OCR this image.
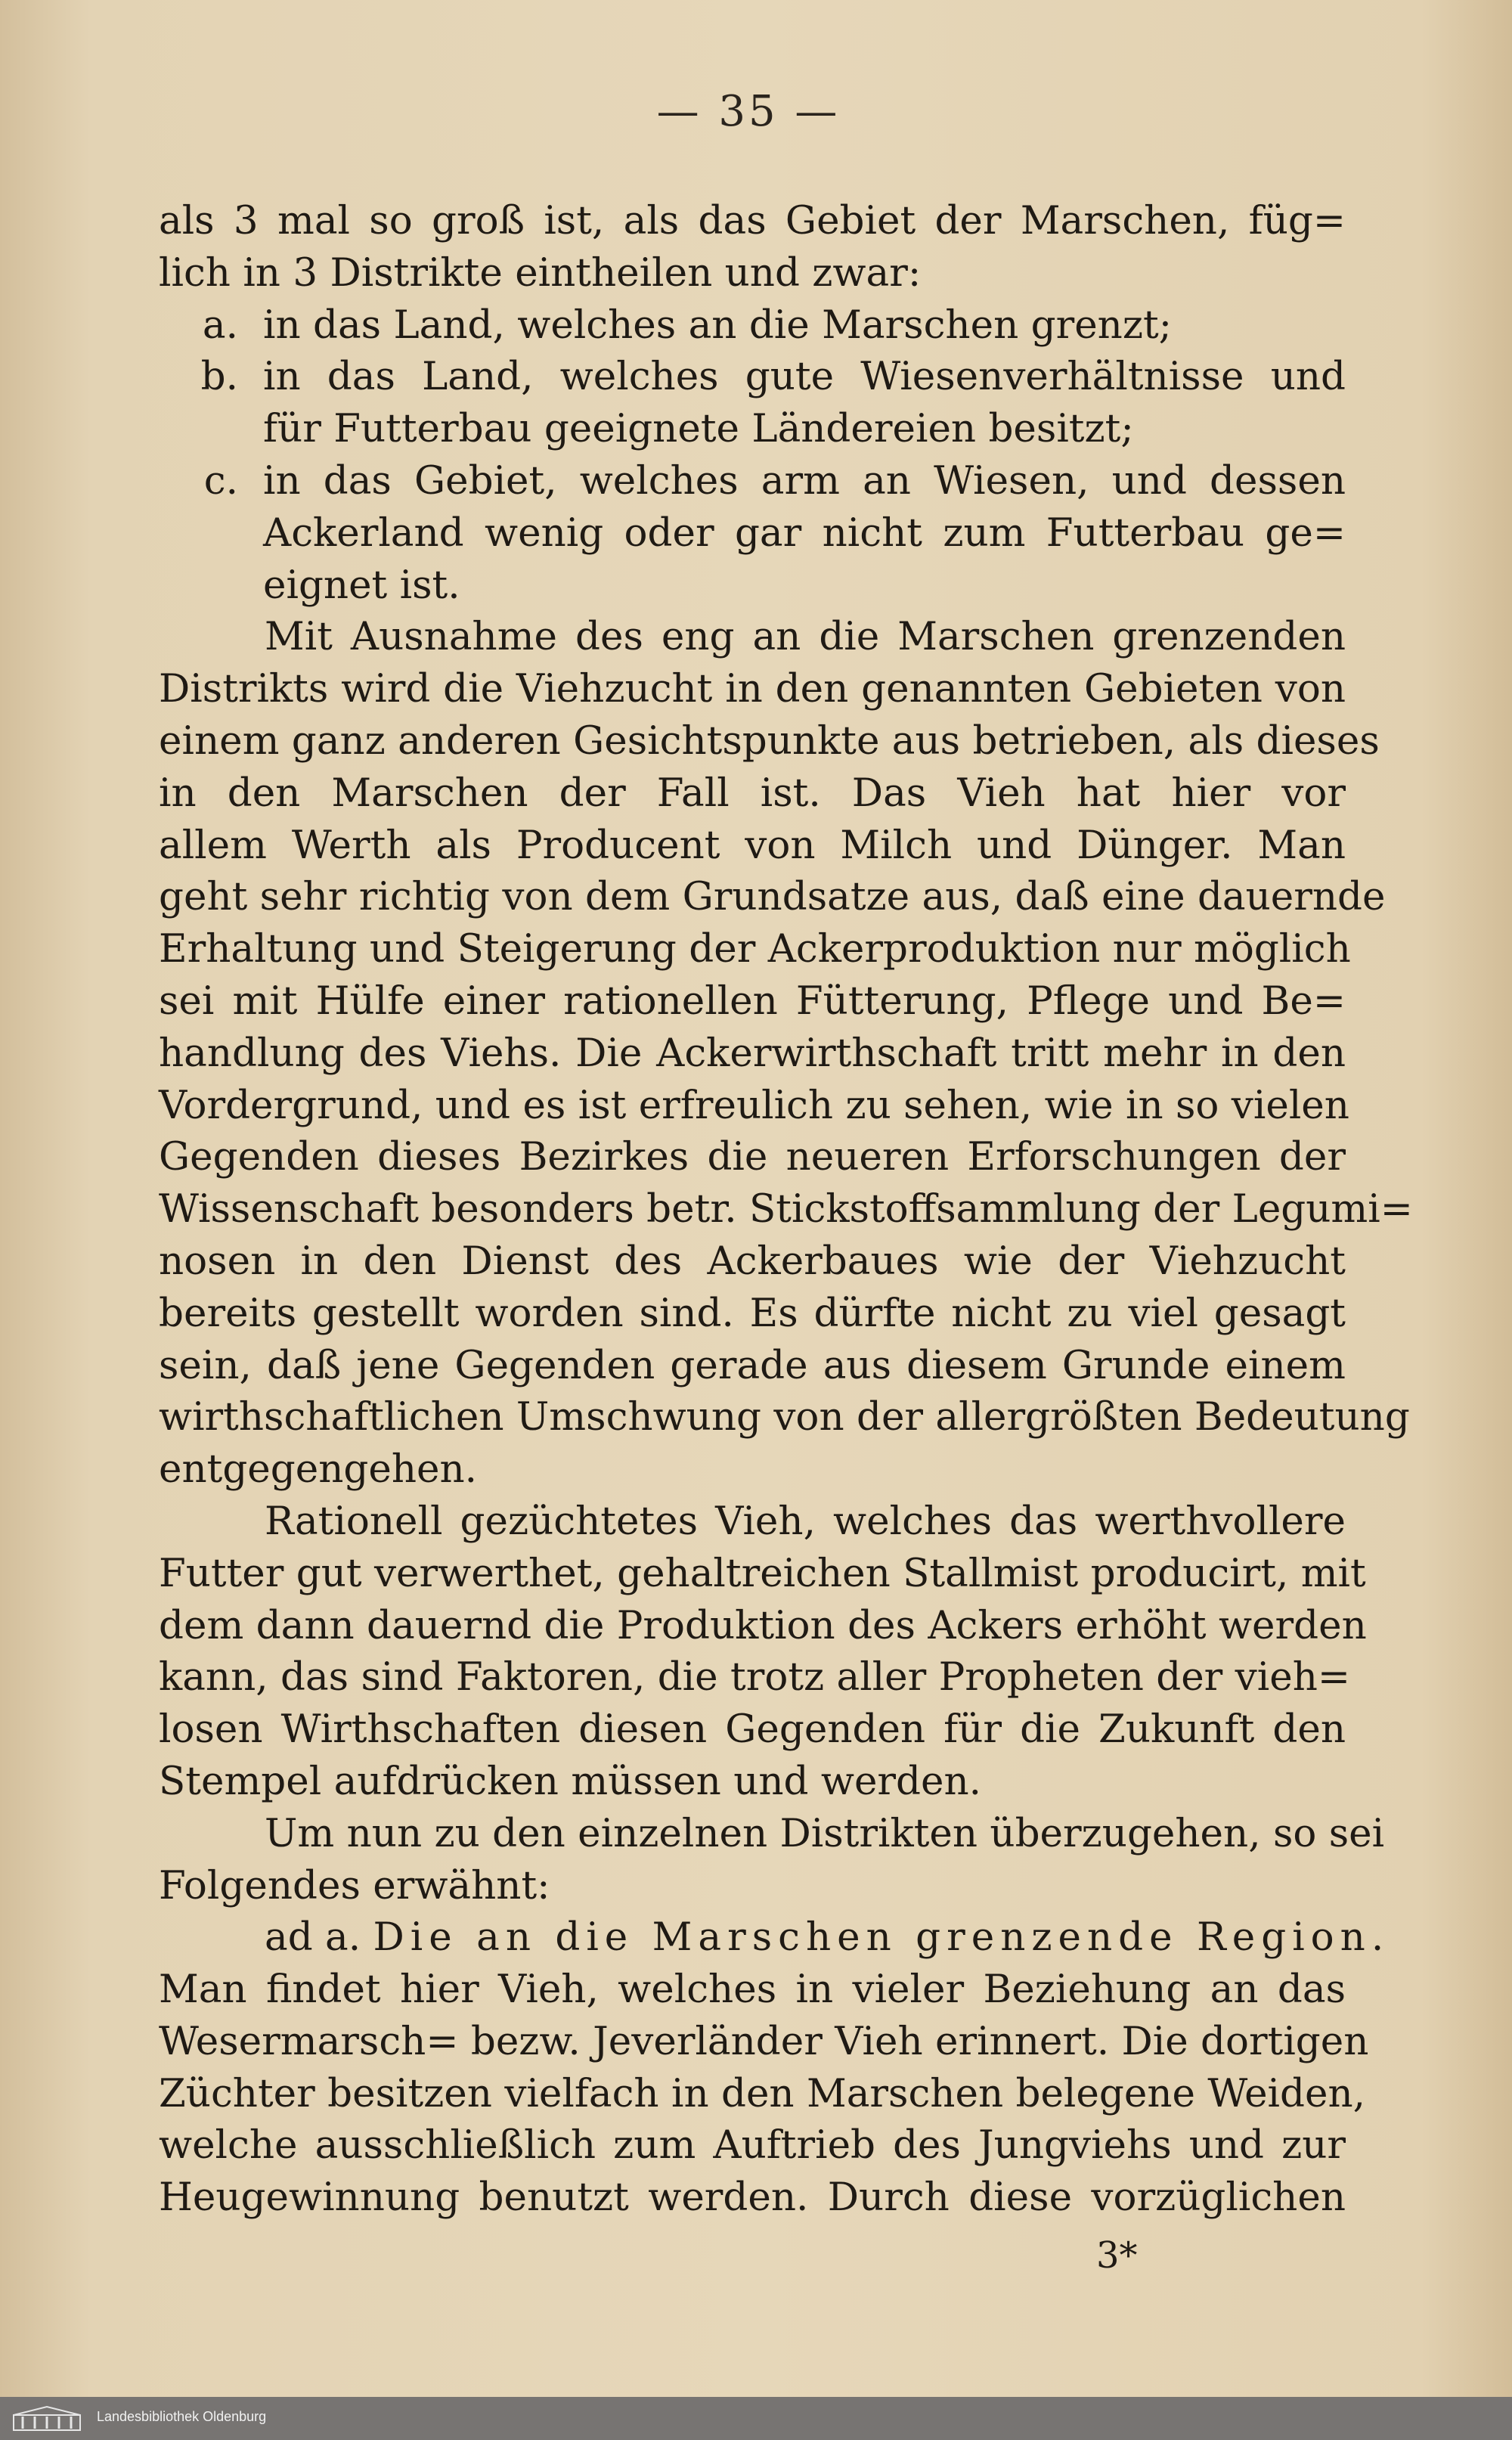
— 35 —
als 3 mal so groß ist, als das Gebiet der Marschen, füg=
lich in 3 Distrikte eintheilen und zwar:
a. in das Land, welches an die Marschen grenzt;
b. in das Land, welches gute Wiesenverhältnisse und
für Futterbau geeignete Ländereien besitzt;
c. in das Gebiet, welches arm an Wiesen, und dessen
Ackerland wenig oder gar nicht zum Futterbau ge=
eignet ist.
Mit Ausnahme des eng an die Marschen grenzenden
Distrikts wird die Viehzucht in den genannten Gebieten von
einem ganz anderen Gesichtspunkte aus betrieben, als dieses
in den Marschen der Fall ist. Das Vieh hat hier vor
allem Werth als Producent von Milch und Dünger. Man
geht sehr richtig von dem Grundsatze aus, daß eine dauernde
Erhaltung und Steigerung der Ackerproduktion nur möglich
sei mit Hülfe einer rationellen Fütterung, Pflege und Be=
handlung des Viehs. Die Ackerwirthschaft tritt mehr in den
Vordergrund, und es ist erfreulich zu sehen, wie in so vielen
Gegenden dieses Bezirkes die neueren Erforschungen der
Wissenschaft besonders betr. Stickstoffsammlung der Legumi=
nosen in den Dienst des Ackerbaues wie der Viehzucht
bereits gestellt worden sind. Es dürfte nicht zu viel gesagt
sein, daß jene Gegenden gerade aus diesem Grunde einem
wirthschaftlichen Umschwung von der allergrößten Bedeutung
entgegengehen.
Rationell gezüchtetes Vieh, welches das werthvollere
Futter gut verwerthet, gehaltreichen Stallmist producirt, mit
dem dann dauernd die Produktion des Ackers erhöht werden
kann, das sind Faktoren, die trotz aller Propheten der vieh=
losen Wirthschaften diesen Gegenden für die Zukunft den
Stempel aufdrücken müssen und werden.
Um nun zu den einzelnen Distrikten überzugehen, so sei
Folgendes erwähnt:
ad a. Die an die Marschen grenzende Region.
Man findet hier Vieh, welches in vieler Beziehung an das
Wesermarsch= bezw. Jeverländer Vieh erinnert. Die dortigen
Züchter besitzen vielfach in den Marschen belegene Weiden,
welche ausschließlich zum Auftrieb des Jungviehs und zur
Heugewinnung benutzt werden. Durch diese vorzüglichen
3*
Landesbibliothek Oldenburg
